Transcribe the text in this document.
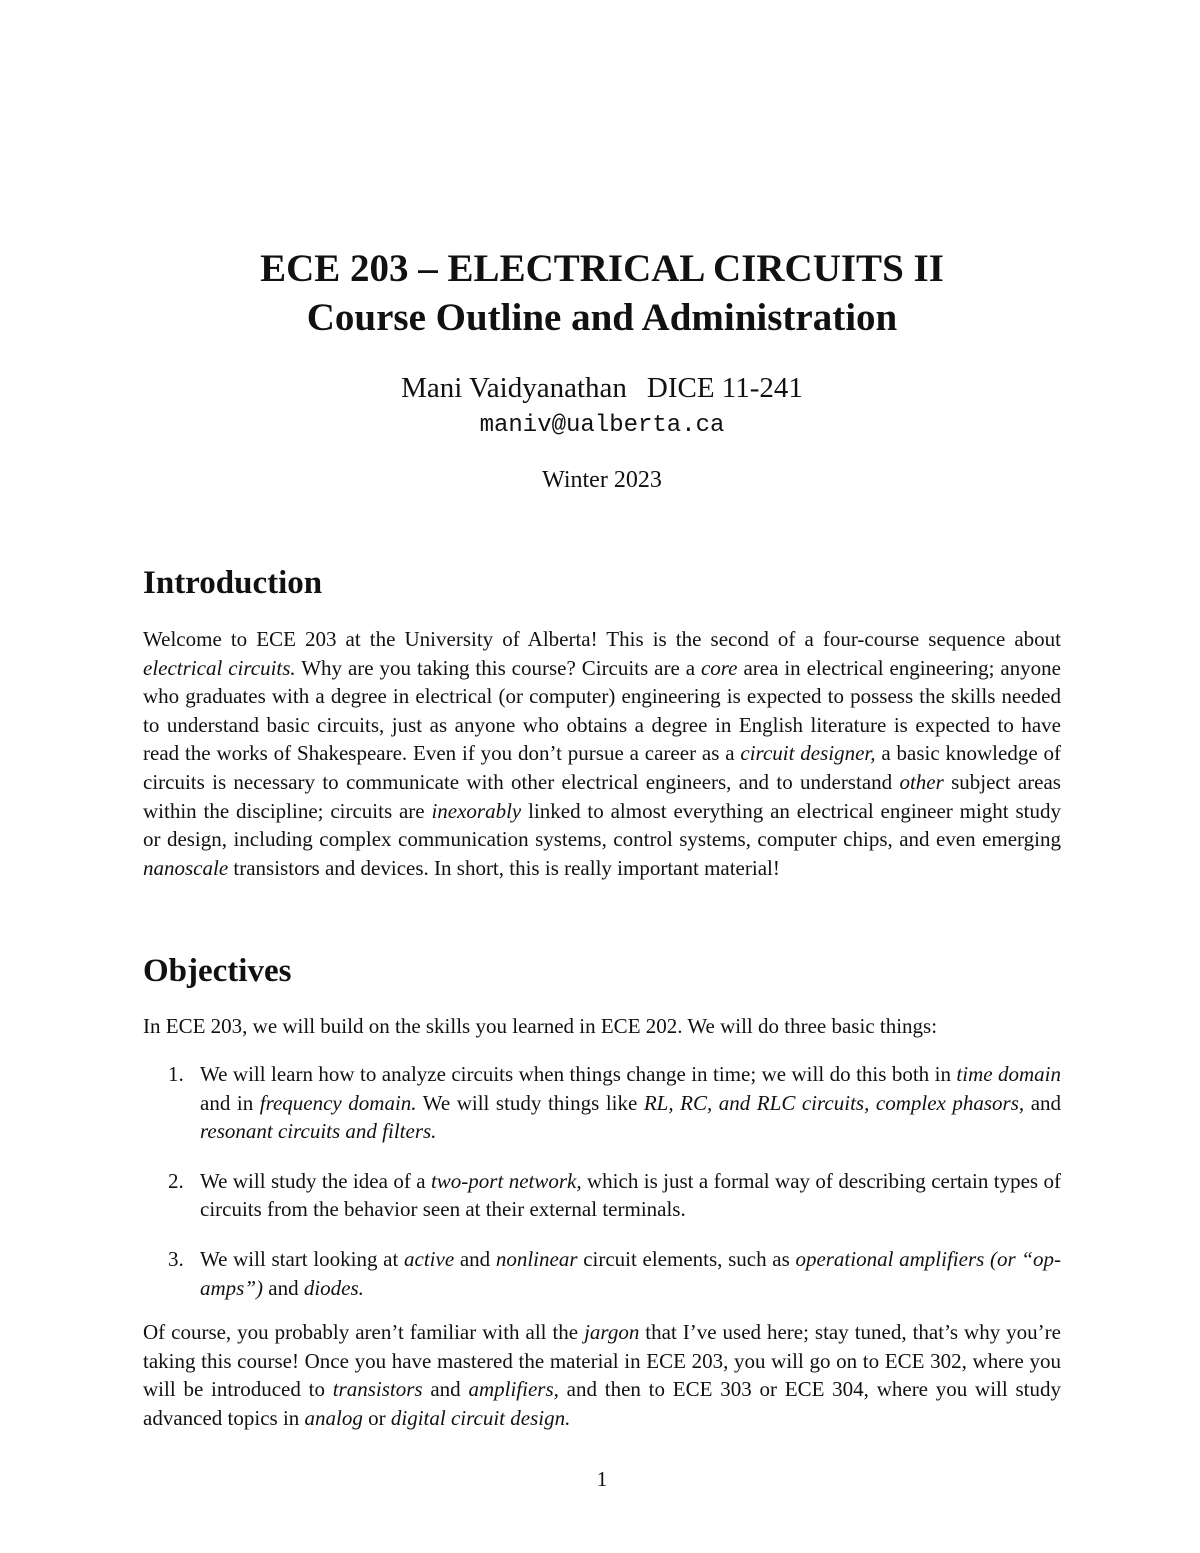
ECE 203 – ELECTRICAL CIRCUITS II
Course Outline and Administration
Mani Vaidyanathan DICE 11-241
maniv@ualberta.ca
Winter 2023
Introduction

Welcome to ECE 203 at the University of Alberta! This is the second of a four-course sequence about electrical circuits. Why are you taking this course? Circuits are a core area in electrical engineering; anyone who graduates with a degree in electrical (or computer) engineering is expected to possess the skills needed to understand basic circuits, just as anyone who obtains a degree in English literature is expected to have read the works of Shakespeare. Even if you don’t pursue a career as a circuit designer, a basic knowledge of circuits is necessary to communicate with other electrical engineers, and to understand other subject areas within the discipline; circuits are inexorably linked to almost everything an electrical engineer might study or design, including complex communication systems, control systems, computer chips, and even emerging nanoscale transistors and devices. In short, this is really important material!

Objectives

In ECE 203, we will build on the skills you learned in ECE 202. We will do three basic things:

1. We will learn how to analyze circuits when things change in time; we will do this both in time domain and in frequency domain. We will study things like RL, RC, and RLC circuits, complex phasors, and resonant circuits and filters.
2. We will study the idea of a two-port network, which is just a formal way of describing certain types of circuits from the behavior seen at their external terminals.
3. We will start looking at active and nonlinear circuit elements, such as operational amplifiers (or “op-amps”) and diodes.

Of course, you probably aren’t familiar with all the jargon that I’ve used here; stay tuned, that’s why you’re taking this course! Once you have mastered the material in ECE 203, you will go on to ECE 302, where you will be introduced to transistors and amplifiers, and then to ECE 303 or ECE 304, where you will study advanced topics in analog or digital circuit design.

1
